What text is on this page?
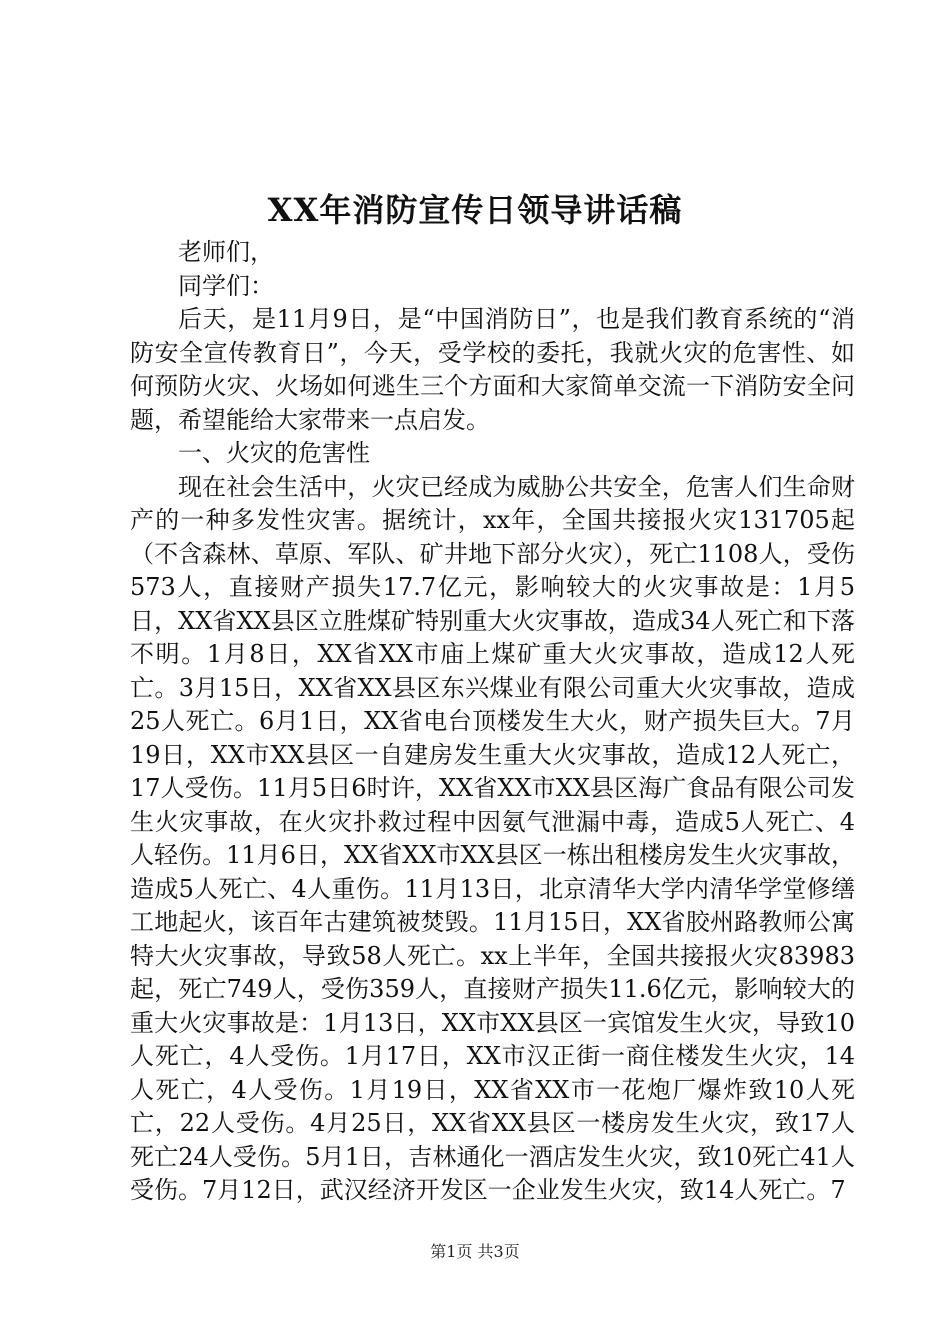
XX年消防宣传日领导讲话稿

老师们，

同学们：

后天，是11月9日，是“中国消防日”，也是我们教育系统的“消防安全宣传教育日”，今天，受学校的委托，我就火灾的危害性、如何预防火灾、火场如何逃生三个方面和大家简单交流一下消防安全问题，希望能给大家带来一点启发。

一、火灾的危害性

现在社会生活中，火灾已经成为威胁公共安全，危害人们生命财产的一种多发性灾害。据统计，xx年，全国共接报火灾131705起（不含森林、草原、军队、矿井地下部分火灾），死亡1108人，受伤573人，直接财产损失17.7亿元，影响较大的火灾事故是：1月5日，XX省XX县区立胜煤矿特别重大火灾事故，造成34人死亡和下落不明。1月8日，XX省XX市庙上煤矿重大火灾事故，造成12人死亡。3月15日，XX省XX县区东兴煤业有限公司重大火灾事故，造成25人死亡。6月1日，XX省电台顶楼发生大火，财产损失巨大。7月19日，XX市XX县区一自建房发生重大火灾事故，造成12人死亡，17人受伤。11月5日6时许，XX省XX市XX县区海广食品有限公司发生火灾事故，在火灾扑救过程中因氨气泄漏中毒，造成5人死亡、4人轻伤。11月6日，XX省XX市XX县区一栋出租楼房发生火灾事故，造成5人死亡、4人重伤。11月13日，北京清华大学内清华学堂修缮工地起火，该百年古建筑被焚毁。11月15日，XX省胶州路教师公寓特大火灾事故，导致58人死亡。xx上半年，全国共接报火灾83983起，死亡749人，受伤359人，直接财产损失11.6亿元，影响较大的重大火灾事故是：1月13日，XX市XX县区一宾馆发生火灾，导致10人死亡，4人受伤。1月17日，XX市汉正街一商住楼发生火灾，14人死亡，4人受伤。1月19日，XX省XX市一花炮厂爆炸致10人死亡，22人受伤。4月25日，XX省XX县区一楼房发生火灾，致17人死亡24人受伤。5月1日，吉林通化一酒店发生火灾，致10死亡41人受伤。7月12日，武汉经济开发区一企业发生火灾，致14人死亡。7

第1页 共3页
